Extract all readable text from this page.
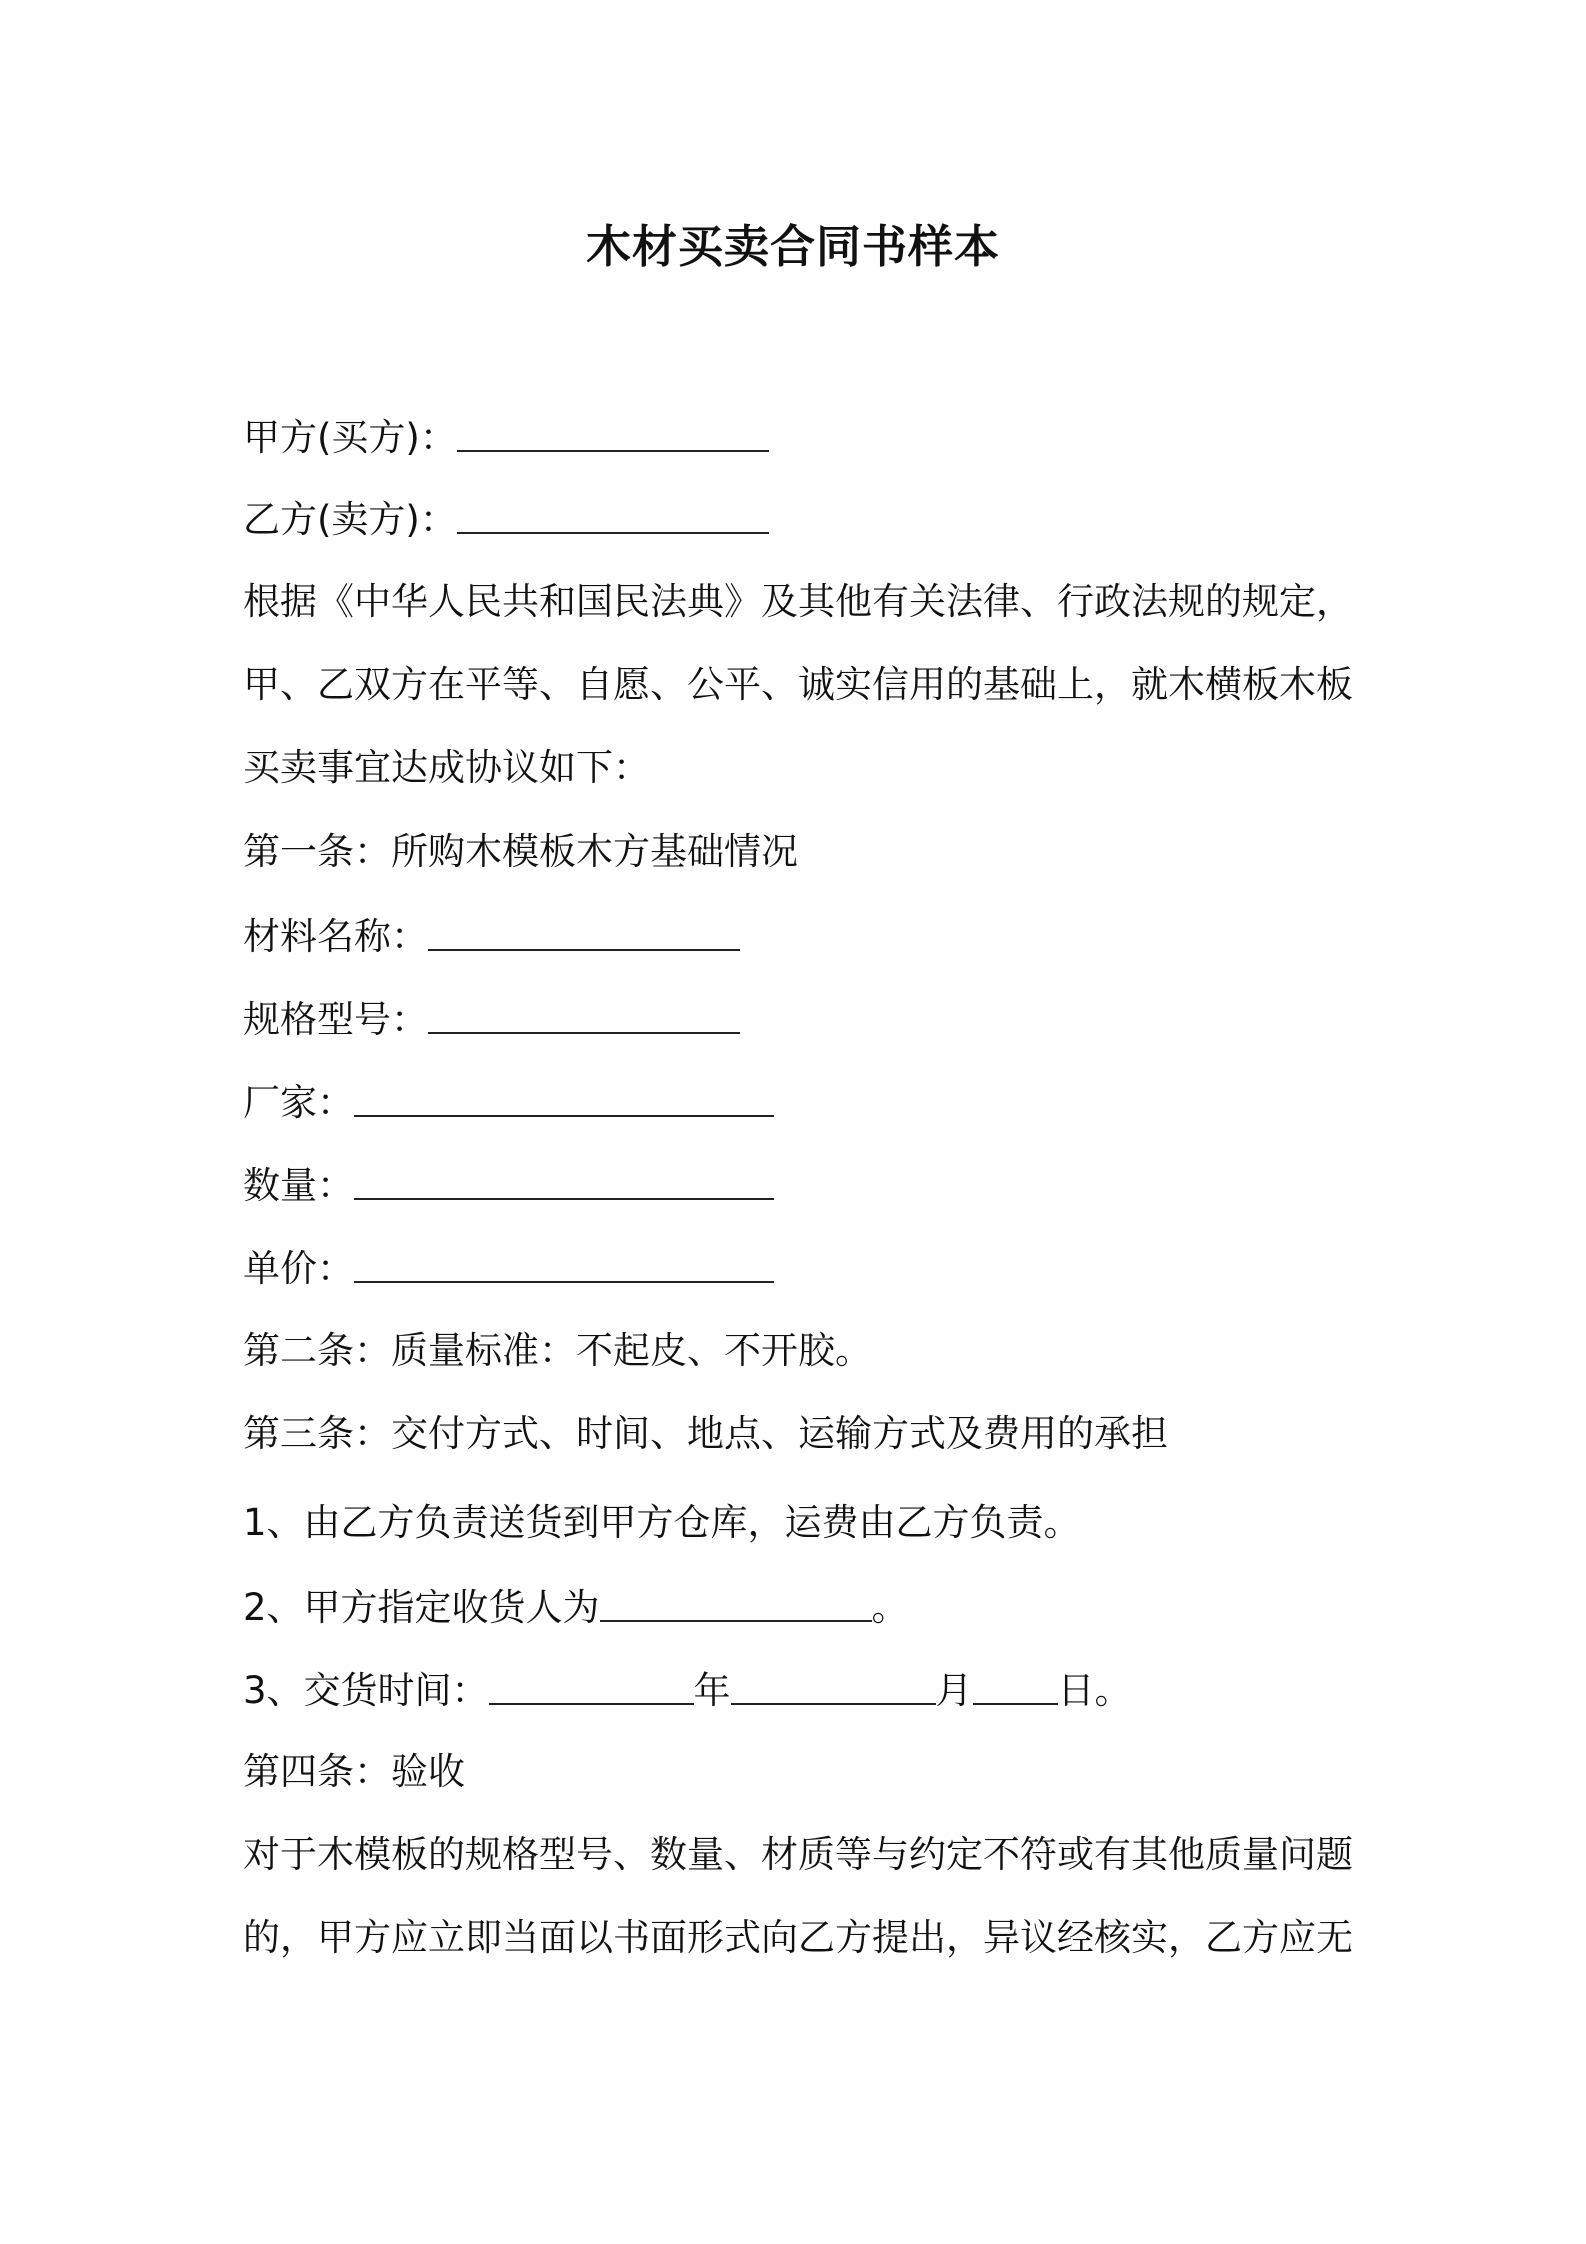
木材买卖合同书样本
甲方(买方)：
乙方(卖方)：
根据《中华人民共和国民法典》及其他有关法律、行政法规的规定，
甲、乙双方在平等、自愿、公平、诚实信用的基础上，就木横板木板
买卖事宜达成协议如下：
第一条：所购木模板木方基础情况
材料名称：
规格型号：
厂家：
数量：
单价：
第二条：质量标准：不起皮、不开胶。
第三条：交付方式、时间、地点、运输方式及费用的承担
1、由乙方负责送货到甲方仓库，运费由乙方负责。
2、甲方指定收货人为	。
3、交货时间：	年	月 日。
第四条：验收
对于木模板的规格型号、数量、材质等与约定不符或有其他质量问题
的，甲方应立即当面以书面形式向乙方提出，异议经核实，乙方应无
